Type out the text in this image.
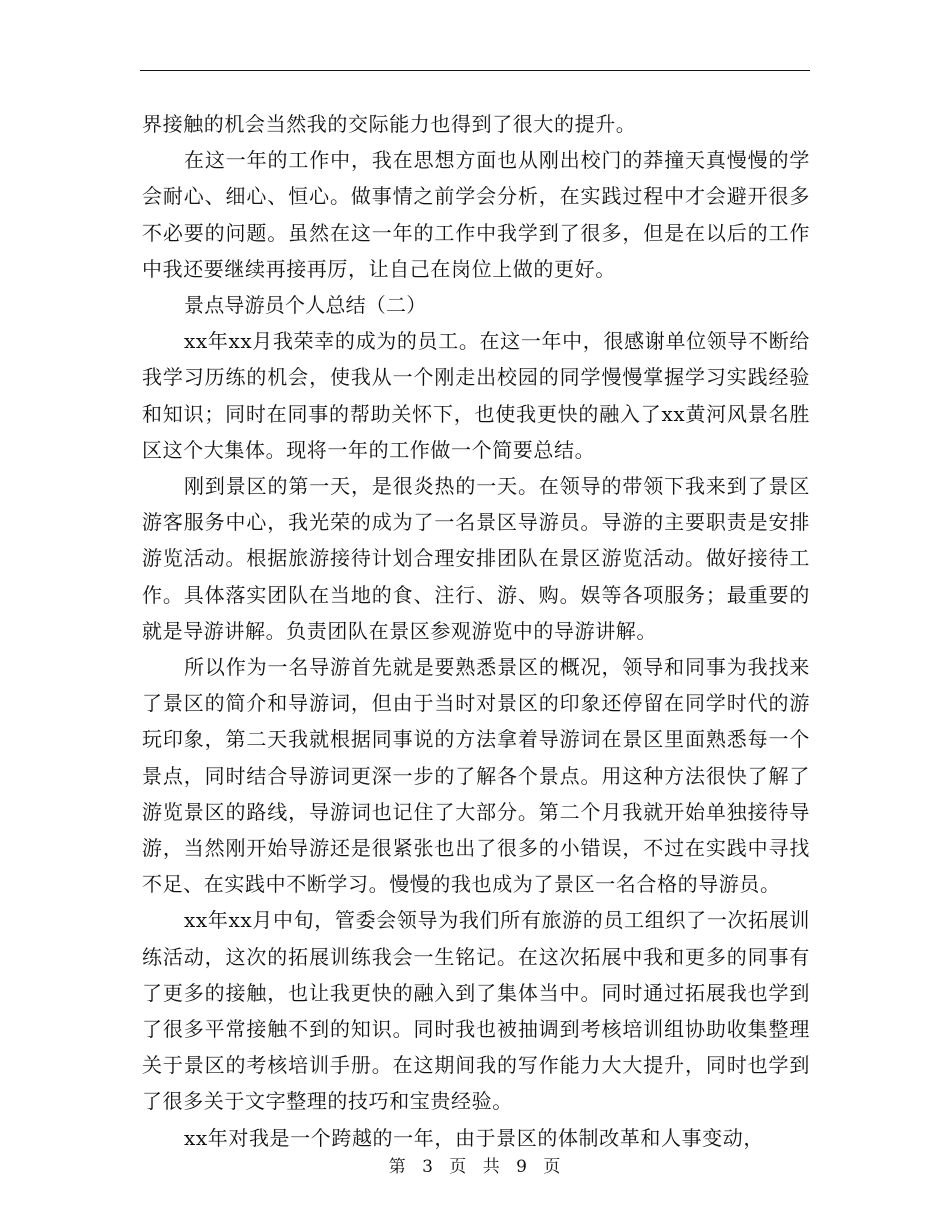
界接触的机会当然我的交际能力也得到了很大的提升。

在这一年的工作中，我在思想方面也从刚出校门的莽撞天真慢慢的学会耐心、细心、恒心。做事情之前学会分析，在实践过程中才会避开很多不必要的问题。虽然在这一年的工作中我学到了很多，但是在以后的工作中我还要继续再接再厉，让自己在岗位上做的更好。

景点导游员个人总结（二）

xx年xx月我荣幸的成为的员工。在这一年中，很感谢单位领导不断给我学习历练的机会，使我从一个刚走出校园的同学慢慢掌握学习实践经验和知识；同时在同事的帮助关怀下，也使我更快的融入了xx黄河风景名胜区这个大集体。现将一年的工作做一个简要总结。

刚到景区的第一天，是很炎热的一天。在领导的带领下我来到了景区游客服务中心，我光荣的成为了一名景区导游员。导游的主要职责是安排游览活动。根据旅游接待计划合理安排团队在景区游览活动。做好接待工作。具体落实团队在当地的食、注行、游、购。娱等各项服务；最重要的就是导游讲解。负责团队在景区参观游览中的导游讲解。

所以作为一名导游首先就是要熟悉景区的概况，领导和同事为我找来了景区的简介和导游词，但由于当时对景区的印象还停留在同学时代的游玩印象，第二天我就根据同事说的方法拿着导游词在景区里面熟悉每一个景点，同时结合导游词更深一步的了解各个景点。用这种方法很快了解了游览景区的路线，导游词也记住了大部分。第二个月我就开始单独接待导游，当然刚开始导游还是很紧张也出了很多的小错误，不过在实践中寻找不足、在实践中不断学习。慢慢的我也成为了景区一名合格的导游员。

xx年xx月中旬，管委会领导为我们所有旅游的员工组织了一次拓展训练活动，这次的拓展训练我会一生铭记。在这次拓展中我和更多的同事有了更多的接触，也让我更快的融入到了集体当中。同时通过拓展我也学到了很多平常接触不到的知识。同时我也被抽调到考核培训组协助收集整理关于景区的考核培训手册。在这期间我的写作能力大大提升，同时也学到了很多关于文字整理的技巧和宝贵经验。

xx年对我是一个跨越的一年，由于景区的体制改革和人事变动，

第 3 页 共 9 页
